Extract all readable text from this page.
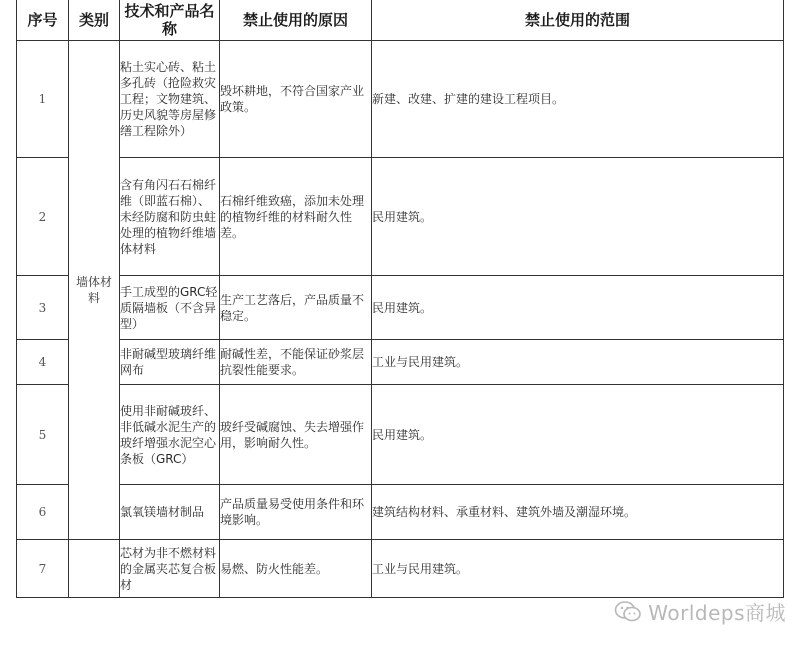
序号	类别	技术和产品名称	禁止使用的原因	禁止使用的范围
1	墙体材料	粘土实心砖、粘土多孔砖（抢险救灾工程；文物建筑、历史风貌等房屋修缮工程除外）	毁坏耕地，不符合国家产业政策。	新建、改建、扩建的建设工程项目。
2		含有角闪石石棉纤维（即蓝石棉）、未经防腐和防虫蛀处理的植物纤维墙体材料	石棉纤维致癌，添加未处理的植物纤维的材料耐久性差。	民用建筑。
3		手工成型的GRC轻质隔墙板（不含异型）	生产工艺落后，产品质量不稳定。	民用建筑。
4		非耐碱型玻璃纤维网布	耐碱性差，不能保证砂浆层抗裂性能要求。	工业与民用建筑。
5		使用非耐碱玻纤、非低碱水泥生产的玻纤增强水泥空心条板（GRC）	玻纤受碱腐蚀、失去增强作用，影响耐久性。	民用建筑。
6		氯氧镁墙材制品	产品质量易受使用条件和环境影响。	建筑结构材料、承重材料、建筑外墙及潮湿环境。
7		芯材为非不燃材料的金属夹芯复合板材	易燃、防火性能差。	工业与民用建筑。
Worldeps商城
